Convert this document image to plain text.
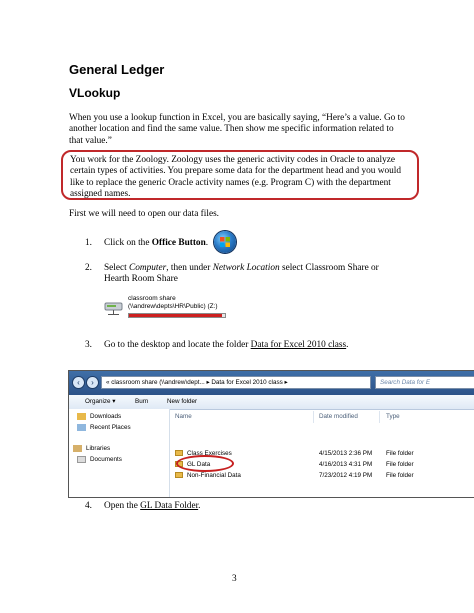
General Ledger
VLookup

When you use a lookup function in Excel, you are basically saying, “Here’s a value. Go to another location and find the same value. Then show me specific information related to that value.”

You work for the Zoology. Zoology uses the generic activity codes in Oracle to analyze certain types of activities. You prepare some data for the department head and you would like to replace the generic Oracle activity names (e.g. Program C) with the department assigned names.

First we will need to open our data files.

1. Click on the Office Button.
2. Select Computer, then under Network Location select Classroom Share or Hearth Room Share
classroom share
(\\andrew\depts\HR\Public) (Z:)
3. Go to the desktop and locate the folder Data for Excel 2010 class.
‹	›	« classroom share (\\andrew\dept... ▸ Data for Excel 2010 class ▸	Search Data for E
Organize ▾	Burn	New folder
Downloads
Recent Places
Libraries
Documents
Name	Date modified	Type
Class Exercises	4/15/2013 2:36 PM File folder
GL Data	4/16/2013 4:31 PM File folder
Non-Financial Data	7/23/2012 4:19 PM File folder
4. Open the GL Data Folder.
3
